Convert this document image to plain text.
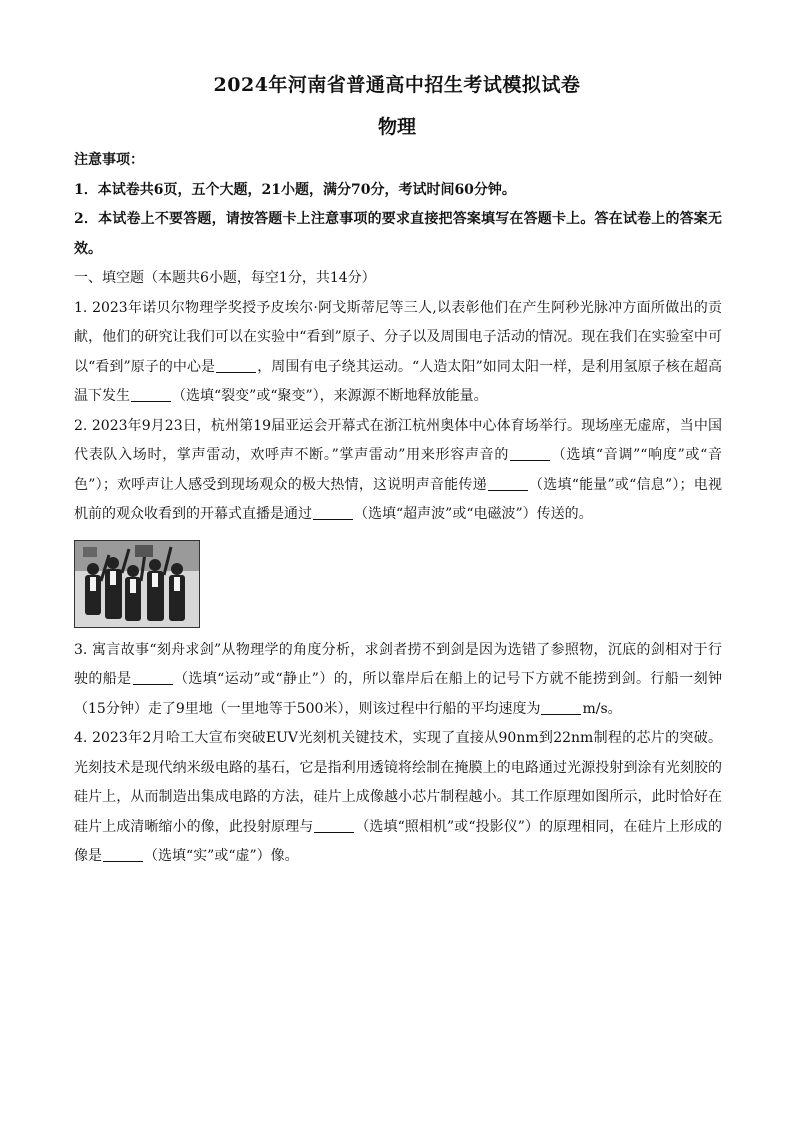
2024年河南省普通高中招生考试模拟试卷
物理

注意事项：

1．本试卷共6页，五个大题，21小题，满分70分，考试时间60分钟。

2．本试卷上不要答题，请按答题卡上注意事项的要求直接把答案填写在答题卡上。答在试卷上的答案无效。

一、填空题（本题共6小题，每空1分，共14分）

1. 2023年诺贝尔物理学奖授予皮埃尔·阿戈斯蒂尼等三人,以表彰他们在产生阿秒光脉冲方面所做出的贡献，他们的研究让我们可以在实验中“看到”原子、分子以及周围电子活动的情况。现在我们在实验室中可以“看到”原子的中心是	，周围有电子绕其运动。“人造太阳”如同太阳一样，是利用氢原子核在超高温下发生	（选填“裂变”或“聚变”），来源源不断地释放能量。

2. 2023年9月23日，杭州第19届亚运会开幕式在浙江杭州奥体中心体育场举行。现场座无虚席，当中国代表队入场时，掌声雷动，欢呼声不断。”掌声雷动”用来形容声音的	（选填“音调”“响度”或“音色”）；欢呼声让人感受到现场观众的极大热情，这说明声音能传递	（选填“能量”或“信息”）；电视机前的观众收看到的开幕式直播是通过	（选填“超声波”或“电磁波”）传送的。

3. 寓言故事“刻舟求剑”从物理学的角度分析，求剑者捞不到剑是因为选错了参照物，沉底的剑相对于行驶的船是	（选填“运动”或“静止”）的，所以靠岸后在船上的记号下方就不能捞到剑。行船一刻钟（15分钟）走了9里地（一里地等于500米），则该过程中行船的平均速度为	m/s。

4. 2023年2月哈工大宣布突破EUV光刻机关键技术，实现了直接从90nm到22nm制程的芯片的突破。光刻技术是现代纳米级电路的基石，它是指利用透镜将绘制在掩膜上的电路通过光源投射到涂有光刻胶的硅片上，从而制造出集成电路的方法，硅片上成像越小芯片制程越小。其工作原理如图所示，此时恰好在硅片上成清晰缩小的像，此投射原理与	（选填“照相机”或“投影仪”）的原理相同，在硅片上形成的像是	（选填“实”或“虚”）像。
